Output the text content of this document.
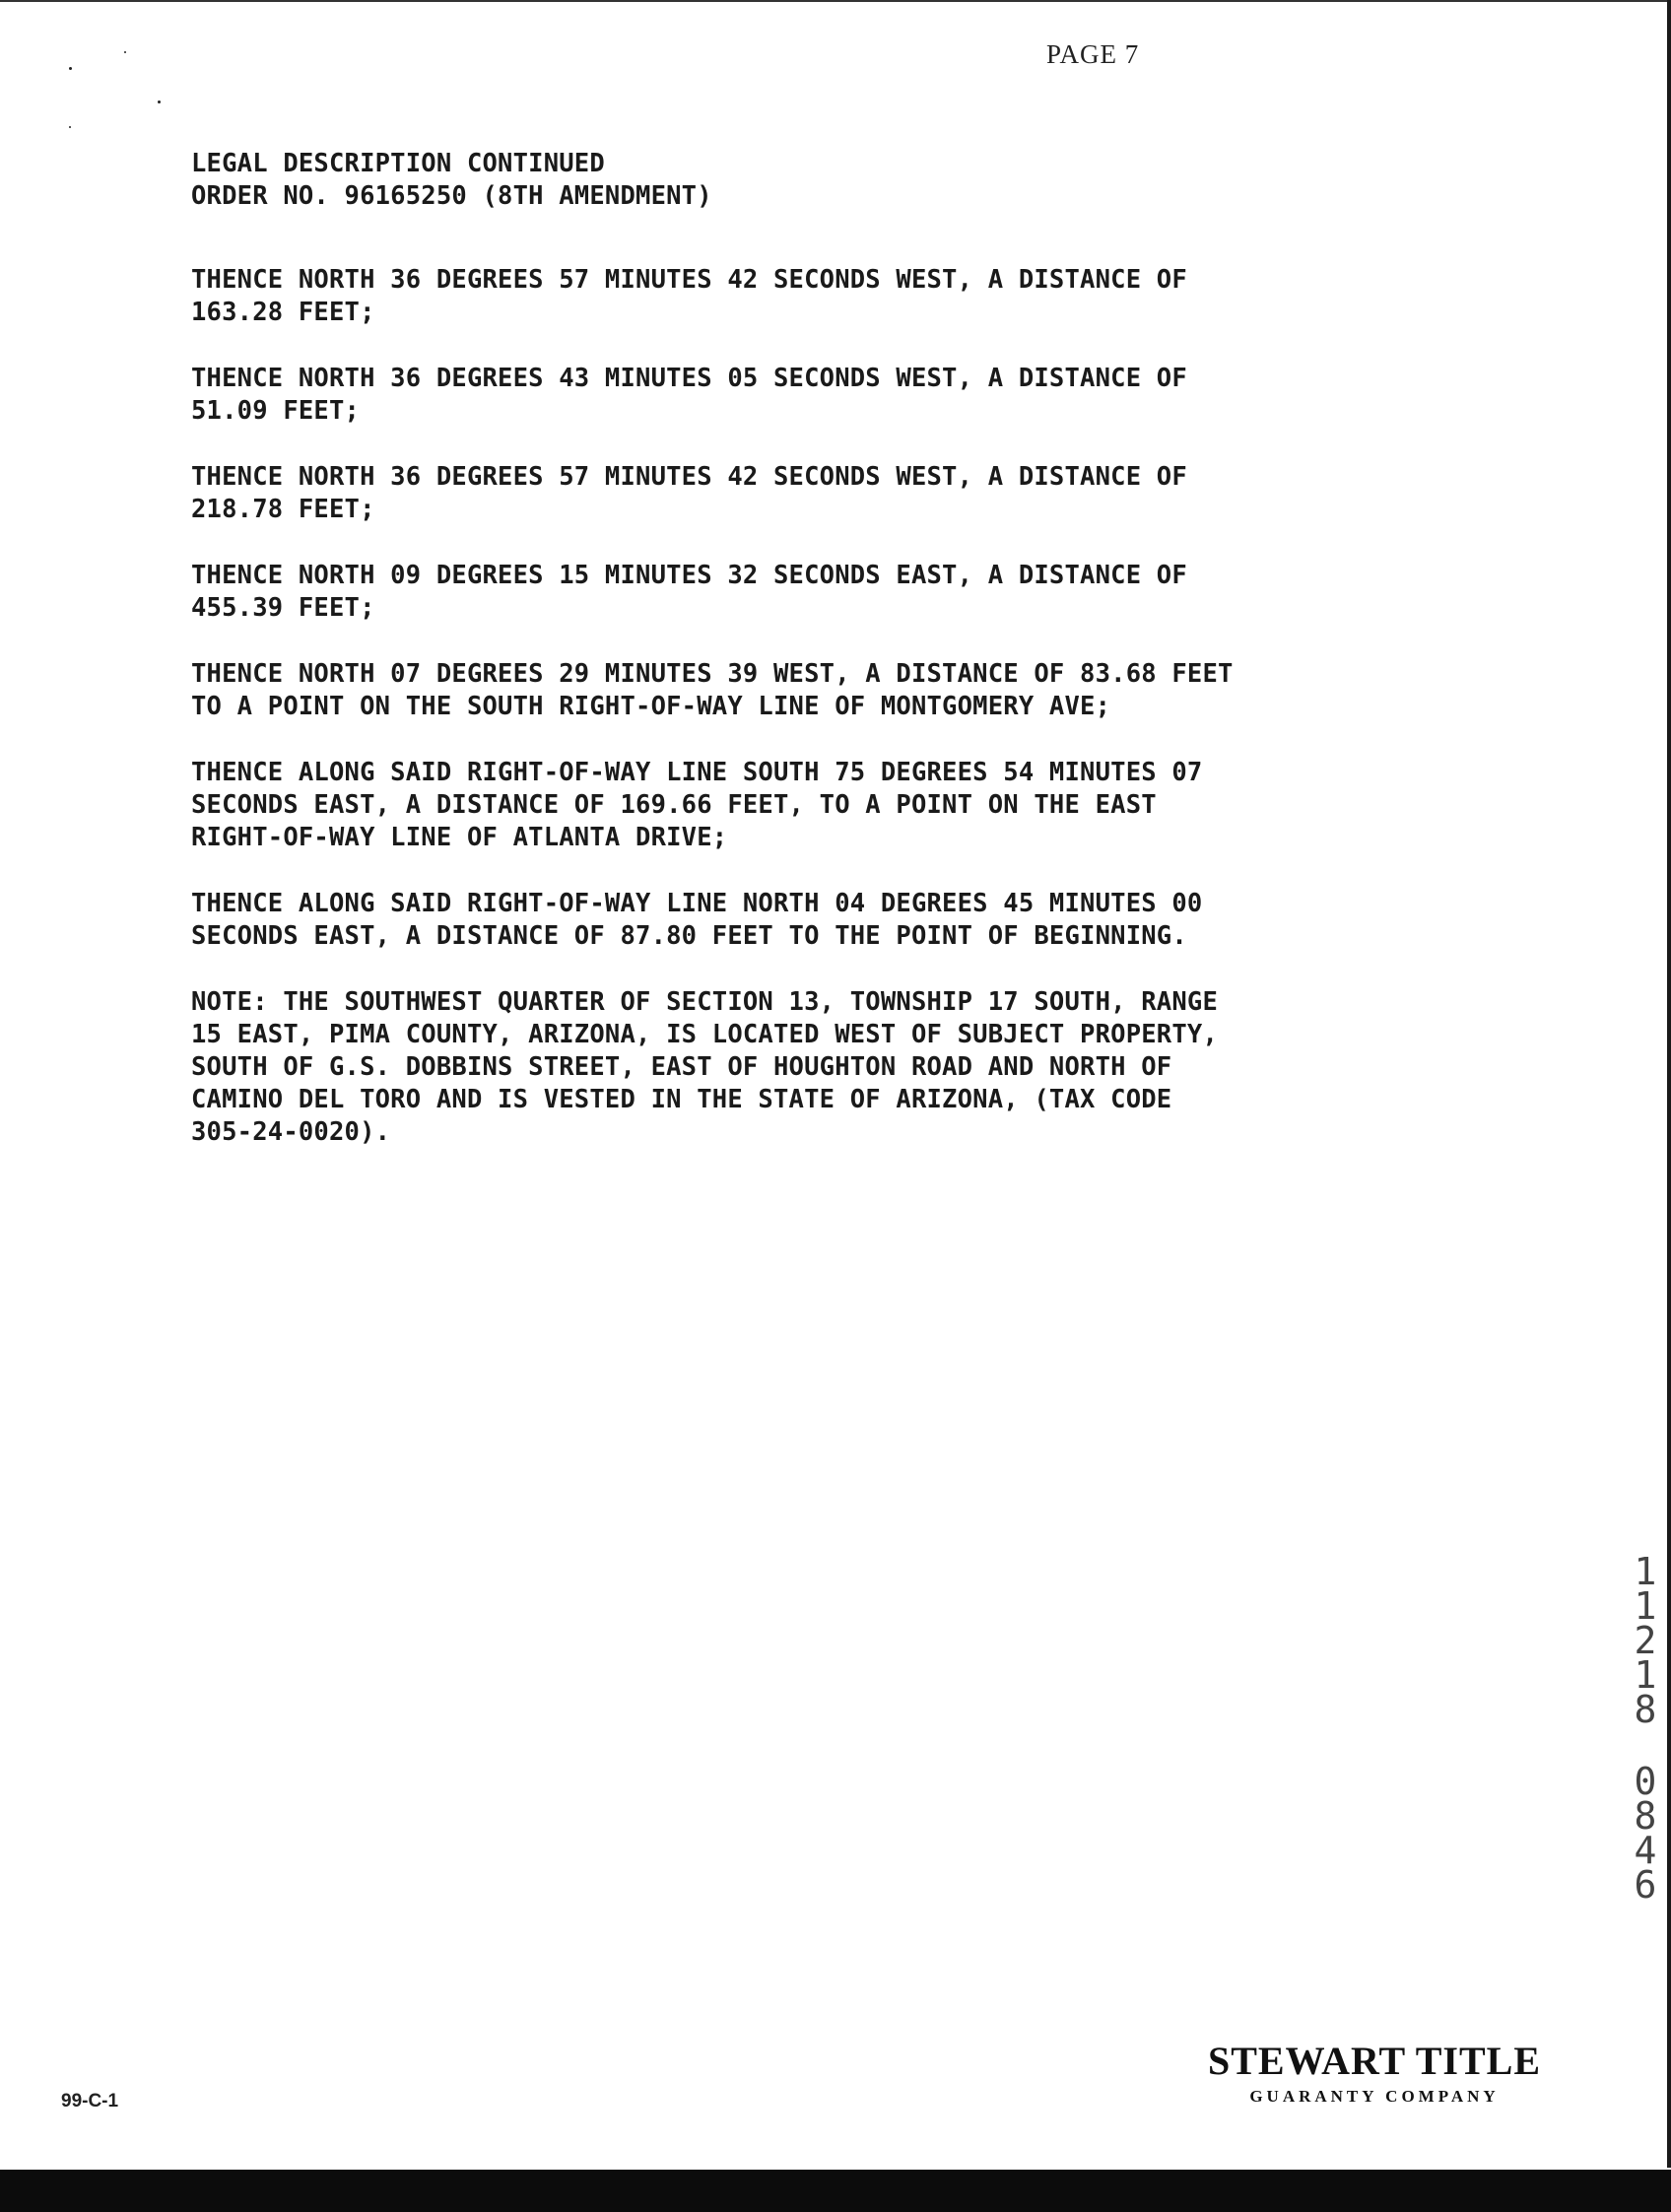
PAGE 7
LEGAL DESCRIPTION CONTINUED
ORDER NO. 96165250 (8TH AMENDMENT)
THENCE NORTH 36 DEGREES 57 MINUTES 42 SECONDS WEST, A DISTANCE OF
163.28 FEET;
THENCE NORTH 36 DEGREES 43 MINUTES 05 SECONDS WEST, A DISTANCE OF
51.09 FEET;
THENCE NORTH 36 DEGREES 57 MINUTES 42 SECONDS WEST, A DISTANCE OF
218.78 FEET;
THENCE NORTH 09 DEGREES 15 MINUTES 32 SECONDS EAST, A DISTANCE OF
455.39 FEET;
THENCE NORTH 07 DEGREES 29 MINUTES 39 WEST, A DISTANCE OF 83.68 FEET
TO A POINT ON THE SOUTH RIGHT-OF-WAY LINE OF MONTGOMERY AVE;
THENCE ALONG SAID RIGHT-OF-WAY LINE SOUTH 75 DEGREES 54 MINUTES 07
SECONDS EAST, A DISTANCE OF 169.66 FEET, TO A POINT ON THE EAST
RIGHT-OF-WAY LINE OF ATLANTA DRIVE;
THENCE ALONG SAID RIGHT-OF-WAY LINE NORTH 04 DEGREES 45 MINUTES 00
SECONDS EAST, A DISTANCE OF 87.80 FEET TO THE POINT OF BEGINNING.
NOTE: THE SOUTHWEST QUARTER OF SECTION 13, TOWNSHIP 17 SOUTH, RANGE
15 EAST, PIMA COUNTY, ARIZONA, IS LOCATED WEST OF SUBJECT PROPERTY,
SOUTH OF G.S. DOBBINS STREET, EAST OF HOUGHTON ROAD AND NORTH OF
CAMINO DEL TORO AND IS VESTED IN THE STATE OF ARIZONA, (TAX CODE
305-24-0020).
1
1
2
1
8
0
8
4
6
99-C-1
STEWART TITLE
GUARANTY COMPANY
